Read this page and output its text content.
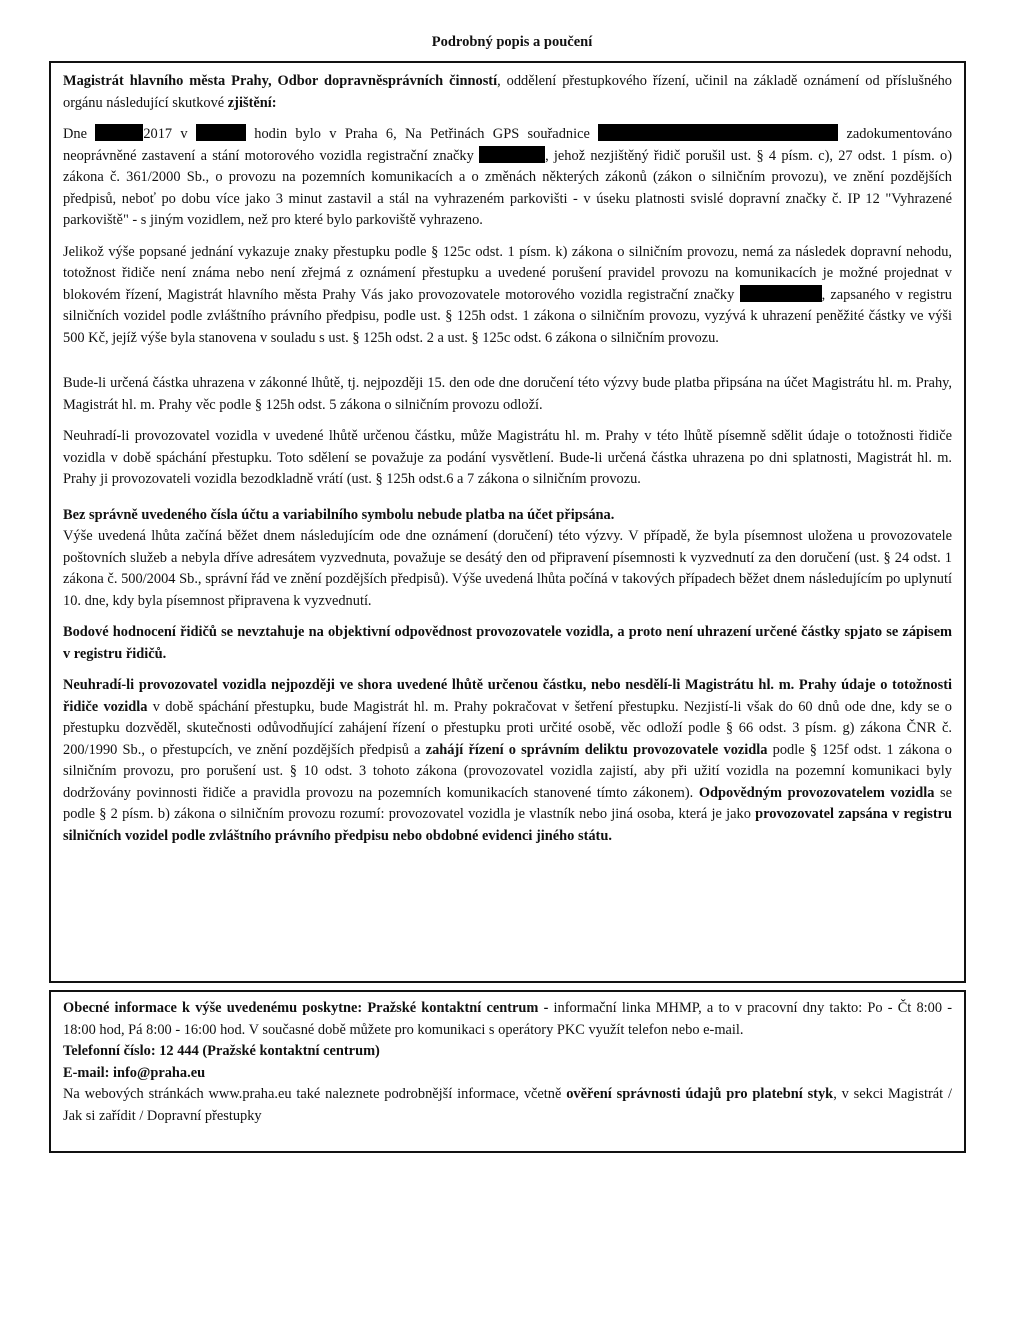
Podrobný popis a poučení

Magistrát hlavního města Prahy, Odbor dopravněsprávních činností, oddělení přestupkového řízení, učinil na základě oznámení od příslušného orgánu následující skutkové zjištění:

Dne	2017 v	hodin bylo v Praha 6, Na Petřinách GPS souřadnice	zadokumentováno neoprávněné zastavení a stání motorového vozidla registrační značky	, jehož nezjištěný řidič porušil ust. § 4 písm. c), 27 odst. 1 písm. o) zákona č. 361/2000 Sb., o provozu na pozemních komunikacích a o změnách některých zákonů (zákon o silničním provozu), ve znění pozdějších předpisů, neboť po dobu více jako 3 minut zastavil a stál na vyhrazeném parkovišti - v úseku platnosti svislé dopravní značky č. IP 12 "Vyhrazené parkoviště" - s jiným vozidlem, než pro které bylo parkoviště vyhrazeno.

Jelikož výše popsané jednání vykazuje znaky přestupku podle § 125c odst. 1 písm. k) zákona o silničním provozu, nemá za následek dopravní nehodu, totožnost řidiče není známa nebo není zřejmá z oznámení přestupku a uvedené porušení pravidel provozu na komunikacích je možné projednat v blokovém řízení, Magistrát hlavního města Prahy Vás jako provozovatele motorového vozidla registrační značky	, zapsaného v registru silničních vozidel podle zvláštního právního předpisu, podle ust. § 125h odst. 1 zákona o silničním provozu, vyzývá k uhrazení peněžité částky ve výši 500 Kč, jejíž výše byla stanovena v souladu s ust. § 125h odst. 2 a ust. § 125c odst. 6 zákona o silničním provozu.

Bude-li určená částka uhrazena v zákonné lhůtě, tj. nejpozději 15. den ode dne doručení této výzvy bude platba připsána na účet Magistrátu hl. m. Prahy, Magistrát hl. m. Prahy věc podle § 125h odst. 5 zákona o silničním provozu odloží.

Neuhradí-li provozovatel vozidla v uvedené lhůtě určenou částku, může Magistrátu hl. m. Prahy v této lhůtě písemně sdělit údaje o totožnosti řidiče vozidla v době spáchání přestupku. Toto sdělení se považuje za podání vysvětlení. Bude-li určená částka uhrazena po dni splatnosti, Magistrát hl. m. Prahy ji provozovateli vozidla bezodkladně vrátí (ust. § 125h odst.6 a 7 zákona o silničním provozu.

Bez správně uvedeného čísla účtu a variabilního symbolu nebude platba na účet připsána.
Výše uvedená lhůta začíná běžet dnem následujícím ode dne oznámení (doručení) této výzvy. V případě, že byla písemnost uložena u provozovatele poštovních služeb a nebyla dříve adresátem vyzvednuta, považuje se desátý den od připravení písemnosti k vyzvednutí za den doručení (ust. § 24 odst. 1 zákona č. 500/2004 Sb., správní řád ve znění pozdějších předpisů). Výše uvedená lhůta počíná v takových případech běžet dnem následujícím po uplynutí 10. dne, kdy byla písemnost připravena k vyzvednutí.

Bodové hodnocení řidičů se nevztahuje na objektivní odpovědnost provozovatele vozidla, a proto není uhrazení určené částky spjato se zápisem v registru řidičů.

Neuhradí-li provozovatel vozidla nejpozději ve shora uvedené lhůtě určenou částku, nebo nesdělí-li Magistrátu hl. m. Prahy údaje o totožnosti řidiče vozidla v době spáchání přestupku, bude Magistrát hl. m. Prahy pokračovat v šetření přestupku. Nezjistí-li však do 60 dnů ode dne, kdy se o přestupku dozvěděl, skutečnosti odůvodňující zahájení řízení o přestupku proti určité osobě, věc odloží podle § 66 odst. 3 písm. g) zákona ČNR č. 200/1990 Sb., o přestupcích, ve znění pozdějších předpisů a zahájí řízení o správním deliktu provozovatele vozidla podle § 125f odst. 1 zákona o silničním provozu, pro porušení ust. § 10 odst. 3 tohoto zákona (provozovatel vozidla zajistí, aby při užití vozidla na pozemní komunikaci byly dodržovány povinnosti řidiče a pravidla provozu na pozemních komunikacích stanovené tímto zákonem). Odpovědným provozovatelem vozidla se podle § 2 písm. b) zákona o silničním provozu rozumí: provozovatel vozidla je vlastník nebo jiná osoba, která je jako provozovatel zapsána v registru silničních vozidel podle zvláštního právního předpisu nebo obdobné evidenci jiného státu.

Obecné informace k výše uvedenému poskytne: Pražské kontaktní centrum - informační linka MHMP, a to v pracovní dny takto: Po - Čt 8:00 - 18:00 hod, Pá 8:00 - 16:00 hod. V současné době můžete pro komunikaci s operátory PKC využít telefon nebo e-mail.

Telefonní číslo: 12 444 (Pražské kontaktní centrum)

E-mail: info@praha.eu

Na webových stránkách www.praha.eu také naleznete podrobnější informace, včetně ověření správnosti údajů pro platební styk, v sekci Magistrát / Jak si zařídit / Dopravní přestupky
